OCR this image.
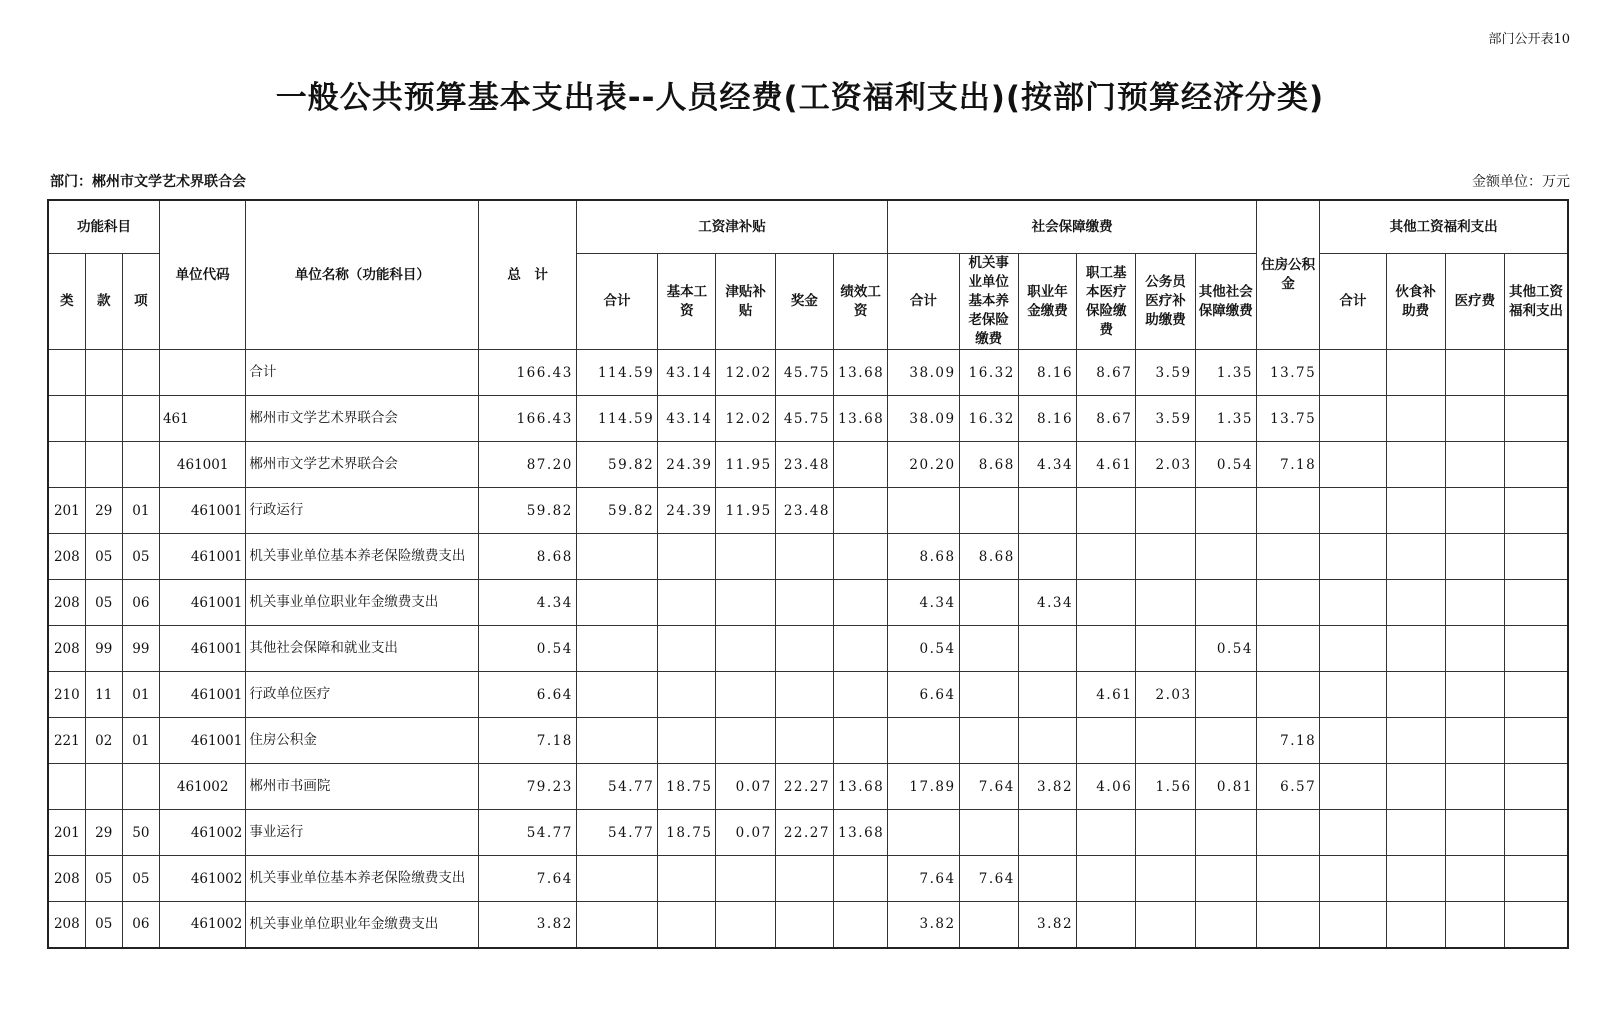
部门公开表10
一般公共预算基本支出表--人员经费(工资福利支出)(按部门预算经济分类)
部门：郴州市文学艺术界联合会	金额单位：万元
功能科目			单位代码	单位名称（功能科目）	总　计	工资津补贴					社会保障缴费						住房公积金	其他工资福利支出			
类	款	项				合计	基本工资	津贴补贴	奖金	绩效工资	合计	机关事业单位基本养老保险缴费	职业年金缴费	职工基本医疗保险缴费	公务员医疗补助缴费	其他社会保障缴费		合计	伙食补助费	医疗费	其他工资福利支出
				合计	166.43	114.59	43.14	12.02	45.75	13.68	38.09	16.32	8.16	8.67	3.59	1.35	13.75				
			461	郴州市文学艺术界联合会	166.43	114.59	43.14	12.02	45.75	13.68	38.09	16.32	8.16	8.67	3.59	1.35	13.75				
			461001	郴州市文学艺术界联合会	87.20	59.82	24.39	11.95	23.48		20.20	8.68	4.34	4.61	2.03	0.54	7.18				
201	29	01	461001	行政运行	59.82	59.82	24.39	11.95	23.48												
208	05	05	461001	机关事业单位基本养老保险缴费支出	8.68						8.68	8.68									
208	05	06	461001	机关事业单位职业年金缴费支出	4.34						4.34		4.34								
208	99	99	461001	其他社会保障和就业支出	0.54						0.54					0.54					
210	11	01	461001	行政单位医疗	6.64						6.64			4.61	2.03						
221	02	01	461001	住房公积金	7.18												7.18				
			461002	郴州市书画院	79.23	54.77	18.75	0.07	22.27	13.68	17.89	7.64	3.82	4.06	1.56	0.81	6.57				
201	29	50	461002	事业运行	54.77	54.77	18.75	0.07	22.27	13.68											
208	05	05	461002	机关事业单位基本养老保险缴费支出	7.64						7.64	7.64									
208	05	06	461002	机关事业单位职业年金缴费支出	3.82						3.82		3.82								
